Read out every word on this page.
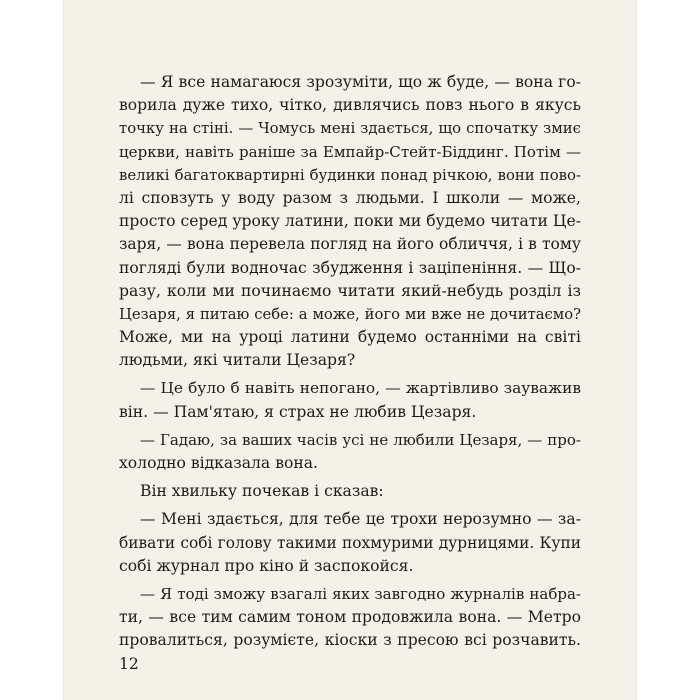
— Я все намагаюся зрозуміти, що ж буде, — вона го-
ворила дуже тихо, чітко, дивлячись повз нього в якусь
точку на стіні. — Чомусь мені здається, що спочатку змиє
церкви, навіть раніше за Емпайр-Стейт-Біддинг. Потім —
великі багатоквартирні будинки понад річкою, вони пово-
лі сповзуть у воду разом з людьми. І школи — може,
просто серед уроку латини, поки ми будемо читати Це-
заря, — вона перевела погляд на його обличчя, і в тому
погляді були водночас збудження і заціпеніння. — Що-
разу, коли ми починаємо читати який-небудь розділ із
Цезаря, я питаю себе: а може, його ми вже не дочитаємо?
Може, ми на уроці латини будемо останніми на світі
людьми, які читали Цезаря?
— Це було б навіть непогано, — жартівливо зауважив
він. — Пам'ятаю, я страх не любив Цезаря.
— Гадаю, за ваших часів усі не любили Цезаря, — про-
холодно відказала вона.
Він хвильку почекав і сказав:
— Мені здається, для тебе це трохи нерозумно — за-
бивати собі голову такими похмурими дурницями. Купи
собі журнал про кіно й заспокойся.
— Я тоді зможу взагалі яких завгодно журналів набра-
ти, — все тим самим тоном продовжила вона. — Метро
провалиться, розумієте, кіоски з пресою всі розчавить.
12
